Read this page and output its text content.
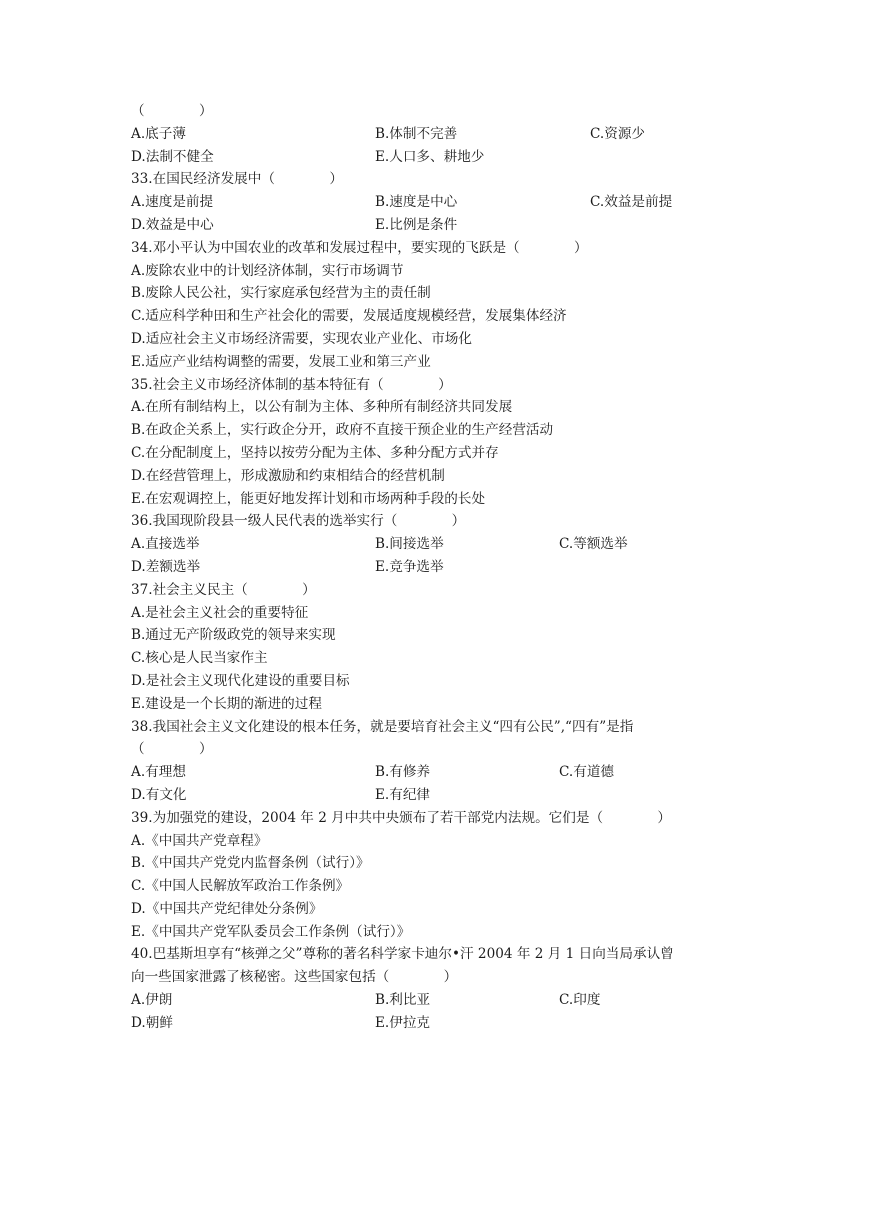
（　　　　）
A.底子薄	B.体制不完善	C.资源少
D.法制不健全	E.人口多、耕地少
33.在国民经济发展中（　　　　）
A.速度是前提	B.速度是中心	C.效益是前提
D.效益是中心	E.比例是条件
34.邓小平认为中国农业的改革和发展过程中，要实现的飞跃是（　　　　）
A.废除农业中的计划经济体制，实行市场调节
B.废除人民公社，实行家庭承包经营为主的责任制
C.适应科学种田和生产社会化的需要，发展适度规模经营，发展集体经济
D.适应社会主义市场经济需要，实现农业产业化、市场化
E.适应产业结构调整的需要，发展工业和第三产业
35.社会主义市场经济体制的基本特征有（　　　　）
A.在所有制结构上，以公有制为主体、多种所有制经济共同发展
B.在政企关系上，实行政企分开，政府不直接干预企业的生产经营活动
C.在分配制度上，坚持以按劳分配为主体、多种分配方式并存
D.在经营管理上，形成激励和约束相结合的经营机制
E.在宏观调控上，能更好地发挥计划和市场两种手段的长处
36.我国现阶段县一级人民代表的选举实行（　　　　）
A.直接选举	B.间接选举	C.等额选举
D.差额选举	E.竞争选举
37.社会主义民主（　　　　）
A.是社会主义社会的重要特征
B.通过无产阶级政党的领导来实现
C.核心是人民当家作主
D.是社会主义现代化建设的重要目标
E.建设是一个长期的渐进的过程
38.我国社会主义文化建设的根本任务，就是要培育社会主义“四有公民”,“四有”是指
（　　　　）
A.有理想	B.有修养	C.有道德
D.有文化	E.有纪律
39.为加强党的建设，2004 年 2 月中共中央颁布了若干部党内法规。它们是（　　　　）
A.《中国共产党章程》
B.《中国共产党党内监督条例（试行）》
C.《中国人民解放军政治工作条例》
D.《中国共产党纪律处分条例》
E.《中国共产党军队委员会工作条例（试行）》
40.巴基斯坦享有“核弹之父”尊称的著名科学家卡迪尔•汗 2004 年 2 月 1 日向当局承认曾
向一些国家泄露了核秘密。这些国家包括（　　　　）
A.伊朗	B.利比亚	C.印度
D.朝鲜	E.伊拉克
